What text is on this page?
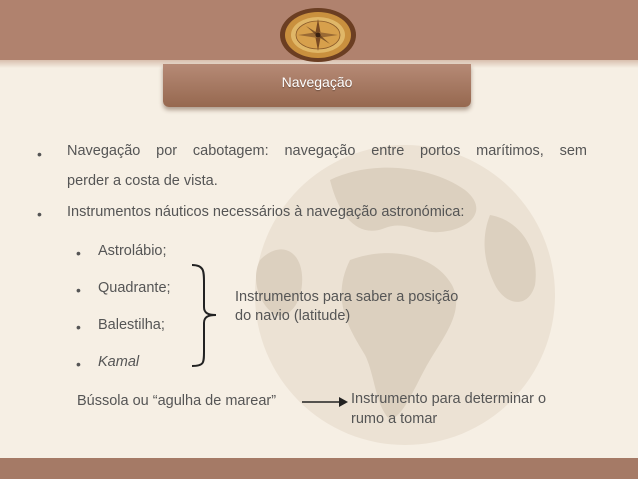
Navegação
• Navegação por cabotagem: navegação entre portos marítimos, sem
perder a costa de vista.
• Instrumentos náuticos necessários à navegação astronómica:
• Astrolábio;
• Quadrante;
• Balestilha;
• Kamal
Instrumentos para saber a posição
do navio (latitude)
Bússola ou “agulha de marear”	Instrumento para determinar o
rumo a tomar
